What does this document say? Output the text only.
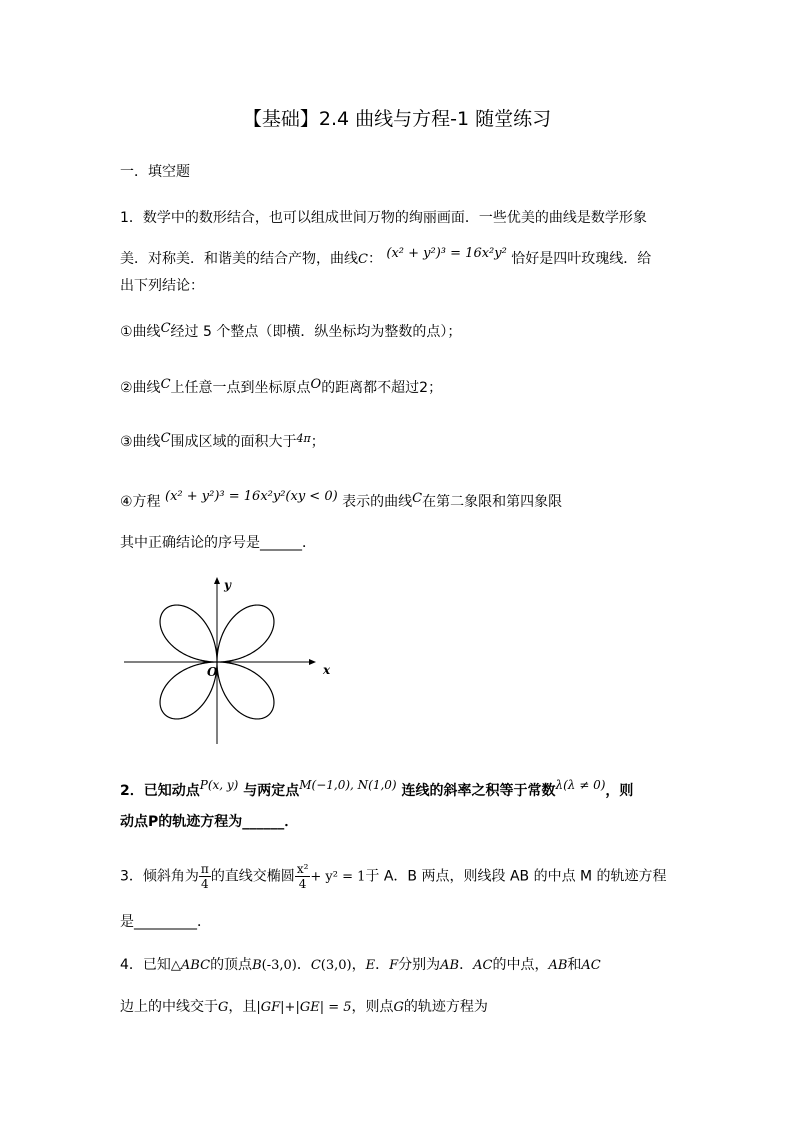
【基础】2.4 曲线与方程-1 随堂练习
一．填空题
1．数学中的数形结合，也可以组成世间万物的绚丽画面．一些优美的曲线是数学形象
美．对称美．和谐美的结合产物，曲线C： (x² + y²)³ = 16x²y² 恰好是四叶玫瑰线．给
出下列结论：
①曲线C经过 5 个整点（即横．纵坐标均为整数的点）；
②曲线C上任意一点到坐标原点O的距离都不超过2；
③曲线C围成区域的面积大于$^{4\pi}$；
④方程 (x² + y²)³ = 16x²y²(xy < 0) 表示的曲线C在第二象限和第四象限
其中正确结论的序号是______．
x
y
O
2．已知动点P(x, y) 与两定点M(−1,0), N(1,0) 连线的斜率之积等于常数λ(λ ≠ 0)，则
动点P的轨迹方程为______．
3．倾斜角为 $\frac{\pi}{4}$ 的直线交椭圆 $\frac{\text{x²}}{4} + y^2 = 1$于 A．B 两点，则线段 AB 的中点 M 的轨迹方程
是_________．
4．已知△ABC的顶点B(-3,0)．C(3,0)，E．F分别为AB．AC的中点，AB和AC
边上的中线交于G，且|GF|+|GE| = 5，则点G的轨迹方程为
